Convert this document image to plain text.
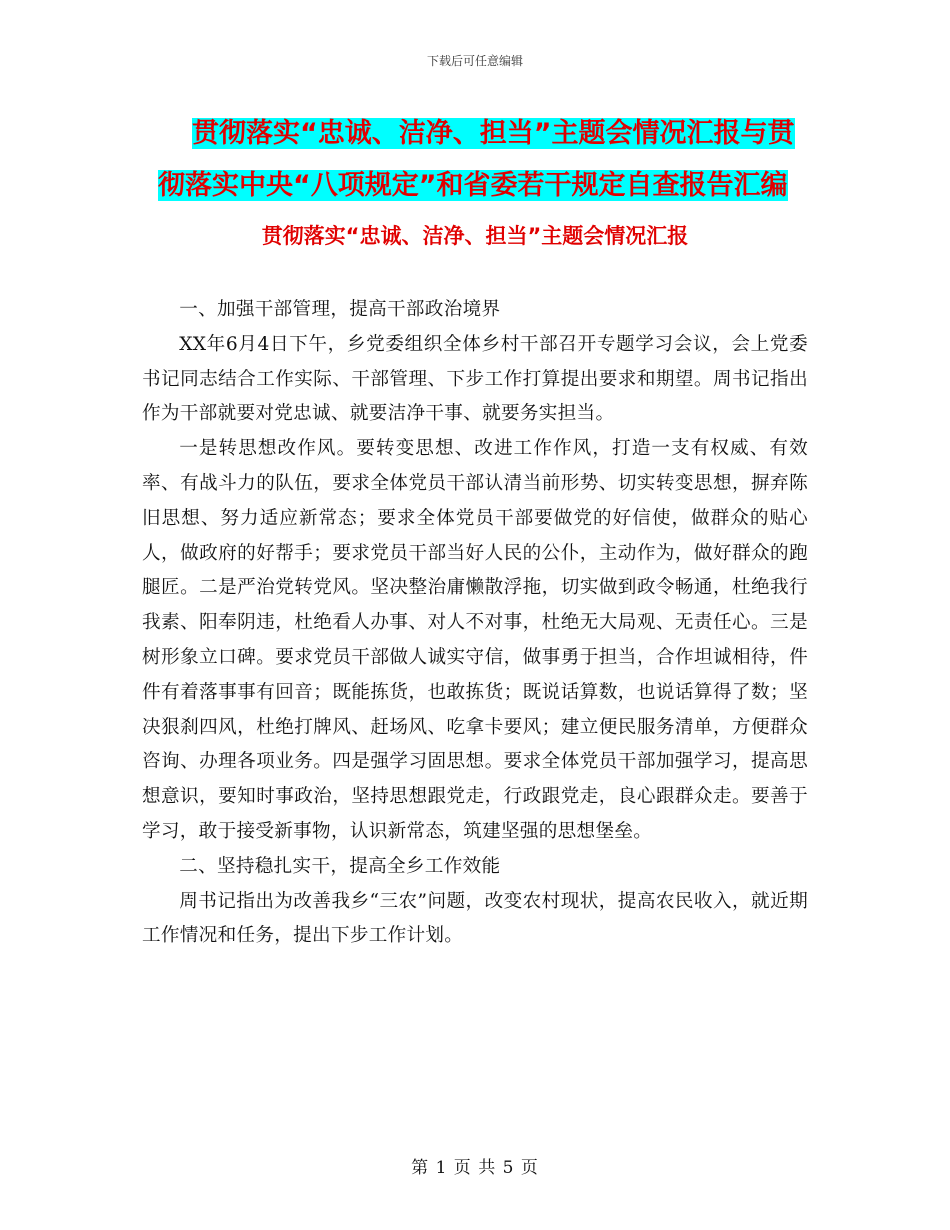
下载后可任意编辑
贯彻落实“忠诚、洁净、担当”主题会情况汇报与贯
彻落实中央“八项规定”和省委若干规定自查报告汇编
贯彻落实“忠诚、洁净、担当”主题会情况汇报

一、加强干部管理，提高干部政治境界

XX年6月4日下午，乡党委组织全体乡村干部召开专题学习会议，会上党委书记同志结合工作实际、干部管理、下步工作打算提出要求和期望。周书记指出作为干部就要对党忠诚、就要洁净干事、就要务实担当。

一是转思想改作风。要转变思想、改进工作作风，打造一支有权威、有效率、有战斗力的队伍，要求全体党员干部认清当前形势、切实转变思想，摒弃陈旧思想、努力适应新常态；要求全体党员干部要做党的好信使，做群众的贴心人，做政府的好帮手；要求党员干部当好人民的公仆，主动作为，做好群众的跑腿匠。二是严治党转党风。坚决整治庸懒散浮拖，切实做到政令畅通，杜绝我行我素、阳奉阴违，杜绝看人办事、对人不对事，杜绝无大局观、无责任心。三是树形象立口碑。要求党员干部做人诚实守信，做事勇于担当，合作坦诚相待，件件有着落事事有回音；既能拣货，也敢拣货；既说话算数，也说话算得了数；坚决狠刹四风，杜绝打牌风、赶场风、吃拿卡要风；建立便民服务清单，方便群众咨询、办理各项业务。四是强学习固思想。要求全体党员干部加强学习，提高思想意识，要知时事政治，坚持思想跟党走，行政跟党走，良心跟群众走。要善于学习，敢于接受新事物，认识新常态，筑建坚强的思想堡垒。

二、坚持稳扎实干，提高全乡工作效能

周书记指出为改善我乡“三农”问题，改变农村现状，提高农民收入，就近期工作情况和任务，提出下步工作计划。

第 1 页 共 5 页
